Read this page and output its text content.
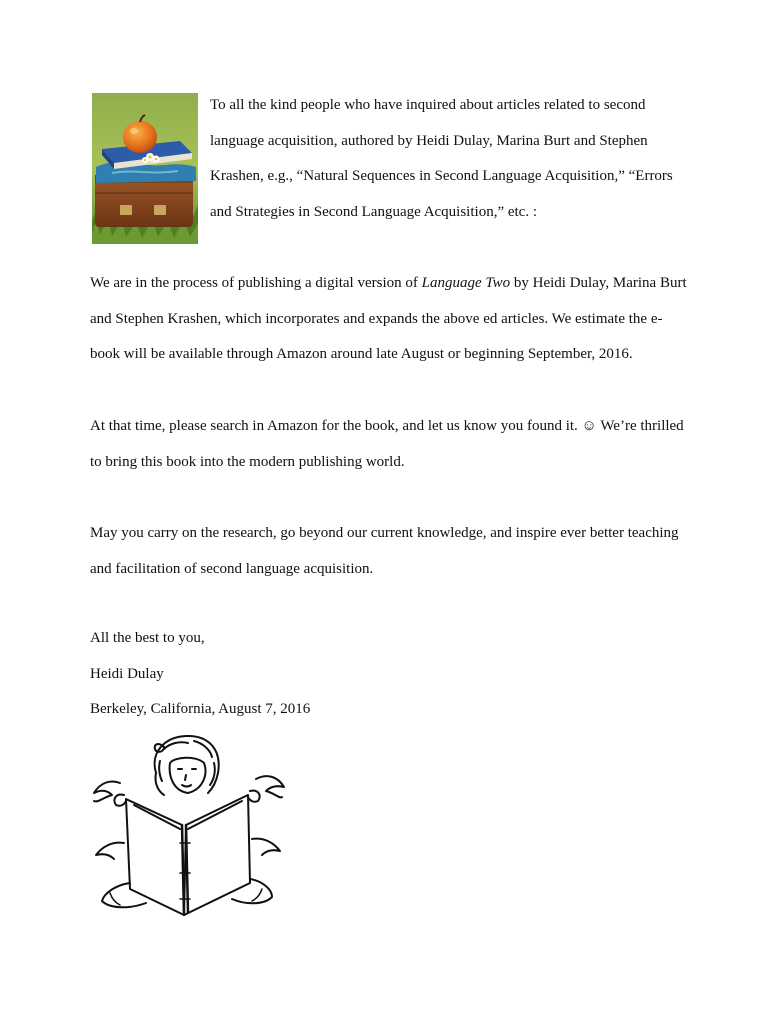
To all the kind people who have inquired about articles related to second language acquisition, authored by Heidi Dulay, Marina Burt and Stephen Krashen, e.g., “Natural Sequences in Second Language Acquisition,” “Errors and Strategies in Second Language Acquisition,” etc. :

We are in the process of publishing a digital version of Language Two by Heidi Dulay, Marina Burt and Stephen Krashen, which incorporates and expands the above ed articles. We estimate the e-book will be available through Amazon around late August or beginning September, 2016.

At that time, please search in Amazon for the book, and let us know you found it. ☺ We’re thrilled to bring this book into the modern publishing world.

May you carry on the research, go beyond our current knowledge, and inspire ever better teaching and facilitation of second language acquisition.

All the best to you,

Heidi Dulay

Berkeley, California, August 7, 2016
